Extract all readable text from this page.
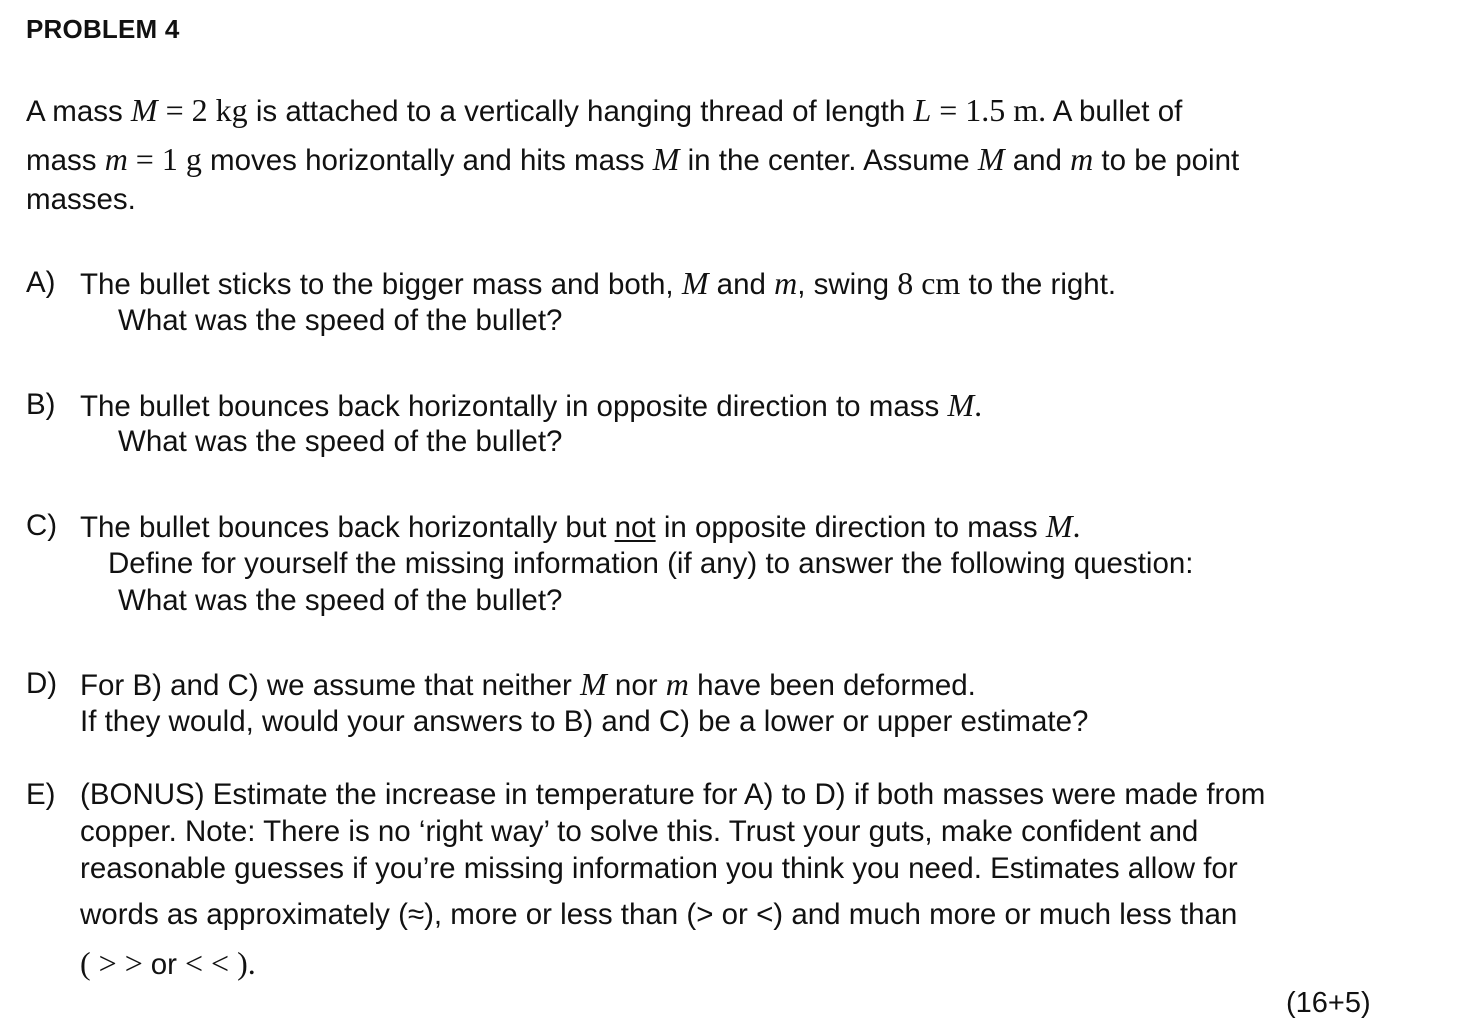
PROBLEM 4
A mass M = 2 kg is attached to a vertically hanging thread of length L = 1.5 m. A bullet of
mass m = 1 g moves horizontally and hits mass M in the center. Assume M and m to be point
masses.
A) The bullet sticks to the bigger mass and both, M and m, swing 8 cm to the right.
What was the speed of the bullet?
B) The bullet bounces back horizontally in opposite direction to mass M.
What was the speed of the bullet?
C) The bullet bounces back horizontally but not in opposite direction to mass M.
Define for yourself the missing information (if any) to answer the following question:
What was the speed of the bullet?
D) For B) and C) we assume that neither M nor m have been deformed.
If they would, would your answers to B) and C) be a lower or upper estimate?
E) (BONUS) Estimate the increase in temperature for A) to D) if both masses were made from
copper. Note: There is no ‘right way’ to solve this. Trust your guts, make confident and
reasonable guesses if you’re missing information you think you need. Estimates allow for
words as approximately (≈), more or less than (> or <) and much more or much less than
( > > or < < ).
(16+5)
